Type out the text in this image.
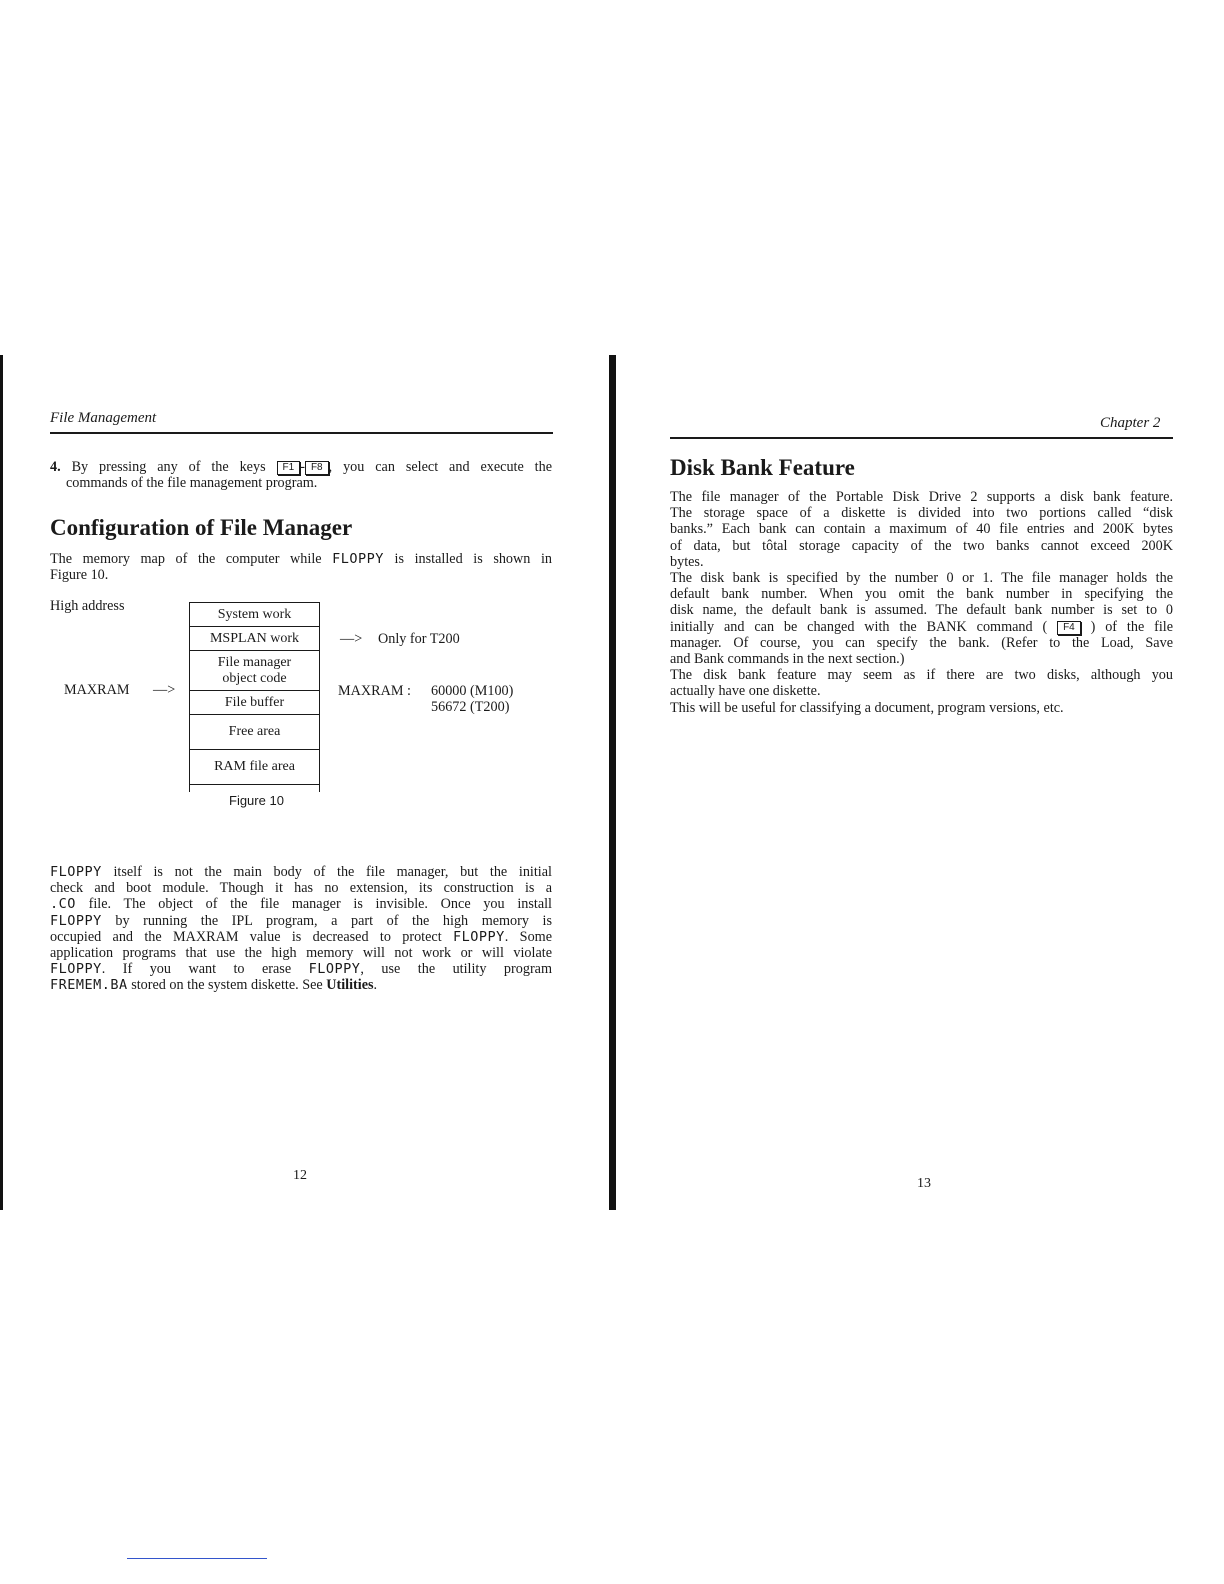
File Management
4. By pressing any of the keys F1 - F8 , you can select and execute the
commands of the file management program.
Configuration of File Manager
The memory map of the computer while FLOPPY is installed is shown in
Figure 10.
High address
MAXRAM —>
System work
MSPLAN work
File manager object code
File buffer
Free area
RAM file area
—> Only for T200
MAXRAM : 60000 (M100)
56672 (T200)
Figure 10
FLOPPY itself is not the main body of the file manager, but the initial
check and boot module. Though it has no extension, its construction is a
.CO file. The object of the file manager is invisible. Once you install
FLOPPY by running the IPL program, a part of the high memory is
occupied and the MAXRAM value is decreased to protect FLOPPY. Some
application programs that use the high memory will not work or will violate
FLOPPY. If you want to erase FLOPPY, use the utility program
FREMEM.BA stored on the system diskette. See Utilities.
12
Chapter 2
Disk Bank Feature
The file manager of the Portable Disk Drive 2 supports a disk bank feature.
The storage space of a diskette is divided into two portions called “disk
banks.” Each bank can contain a maximum of 40 file entries and 200K bytes
of data, but tôtal storage capacity of the two banks cannot exceed 200K
bytes.
The disk bank is specified by the number 0 or 1. The file manager holds the
default bank number. When you omit the bank number in specifying the
disk name, the default bank is assumed. The default bank number is set to 0
initially and can be changed with the BANK command ( F4 ) of the file
manager. Of course, you can specify the bank. (Refer to the Load, Save
and Bank commands in the next section.)
The disk bank feature may seem as if there are two disks, although you
actually have one diskette.
This will be useful for classifying a document, program versions, etc.
13
